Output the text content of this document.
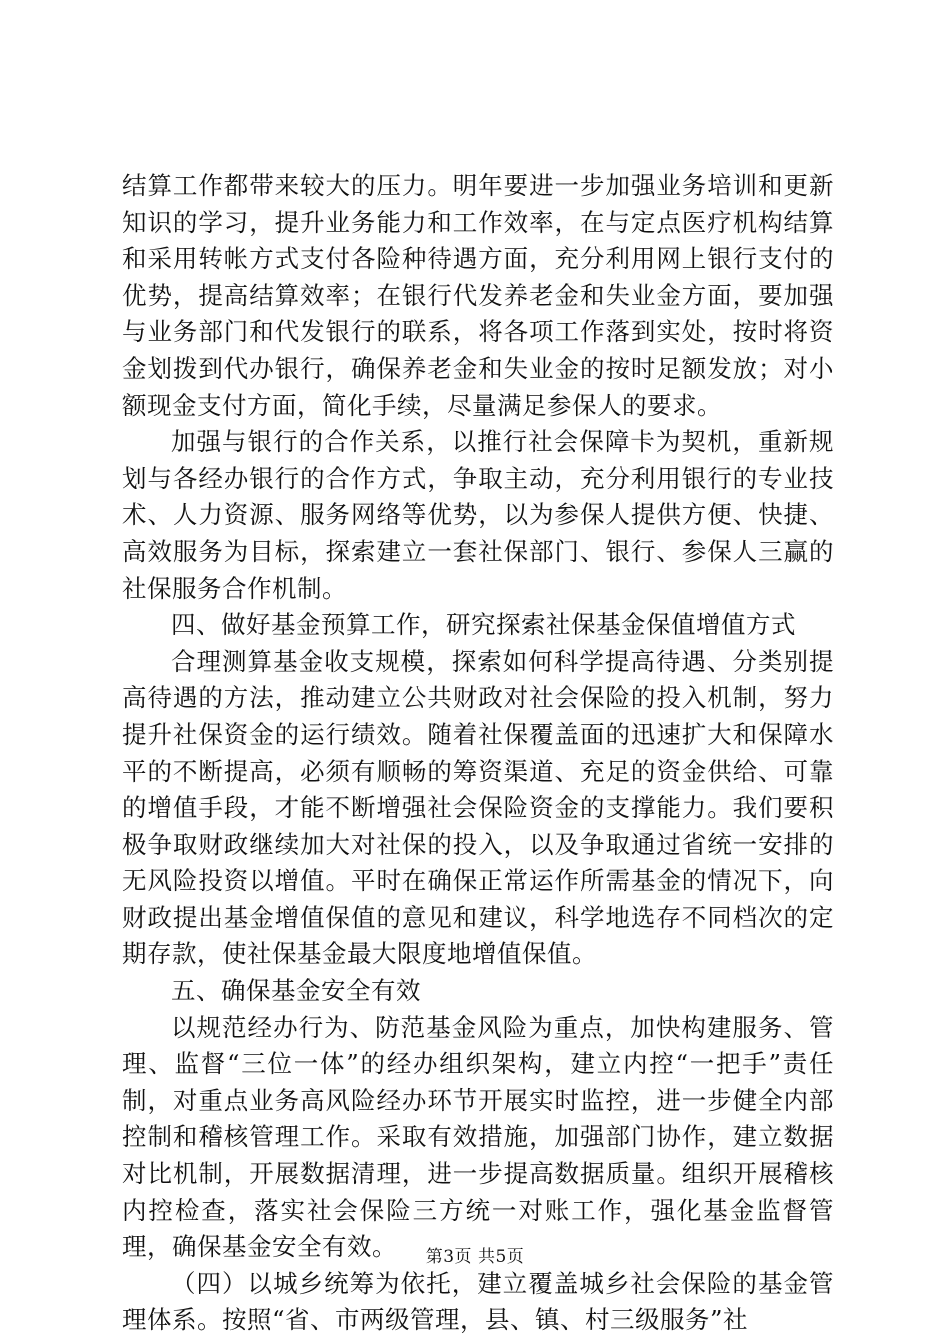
结算工作都带来较大的压力。明年要进一步加强业务培训和更新知识的学习，提升业务能力和工作效率，在与定点医疗机构结算和采用转帐方式支付各险种待遇方面，充分利用网上银行支付的优势，提高结算效率；在银行代发养老金和失业金方面，要加强与业务部门和代发银行的联系，将各项工作落到实处，按时将资金划拨到代办银行，确保养老金和失业金的按时足额发放；对小额现金支付方面，简化手续，尽量满足参保人的要求。

加强与银行的合作关系，以推行社会保障卡为契机，重新规划与各经办银行的合作方式，争取主动，充分利用银行的专业技术、人力资源、服务网络等优势，以为参保人提供方便、快捷、高效服务为目标，探索建立一套社保部门、银行、参保人三赢的社保服务合作机制。

四、做好基金预算工作，研究探索社保基金保值增值方式

合理测算基金收支规模，探索如何科学提高待遇、分类别提高待遇的方法，推动建立公共财政对社会保险的投入机制，努力提升社保资金的运行绩效。随着社保覆盖面的迅速扩大和保障水平的不断提高，必须有顺畅的筹资渠道、充足的资金供给、可靠的增值手段，才能不断增强社会保险资金的支撑能力。我们要积极争取财政继续加大对社保的投入，以及争取通过省统一安排的无风险投资以增值。平时在确保正常运作所需基金的情况下，向财政提出基金增值保值的意见和建议，科学地选存不同档次的定期存款，使社保基金最大限度地增值保值。

五、确保基金安全有效

以规范经办行为、防范基金风险为重点，加快构建服务、管理、监督“三位一体”的经办组织架构，建立内控“一把手”责任制，对重点业务高风险经办环节开展实时监控，进一步健全内部控制和稽核管理工作。采取有效措施，加强部门协作，建立数据对比机制，开展数据清理，进一步提高数据质量。组织开展稽核内控检查，落实社会保险三方统一对账工作，强化基金监督管理，确保基金安全有效。

（四）以城乡统筹为依托，建立覆盖城乡社会保险的基金管理体系。按照“省、市两级管理，县、镇、村三级服务”社

第3页 共5页
